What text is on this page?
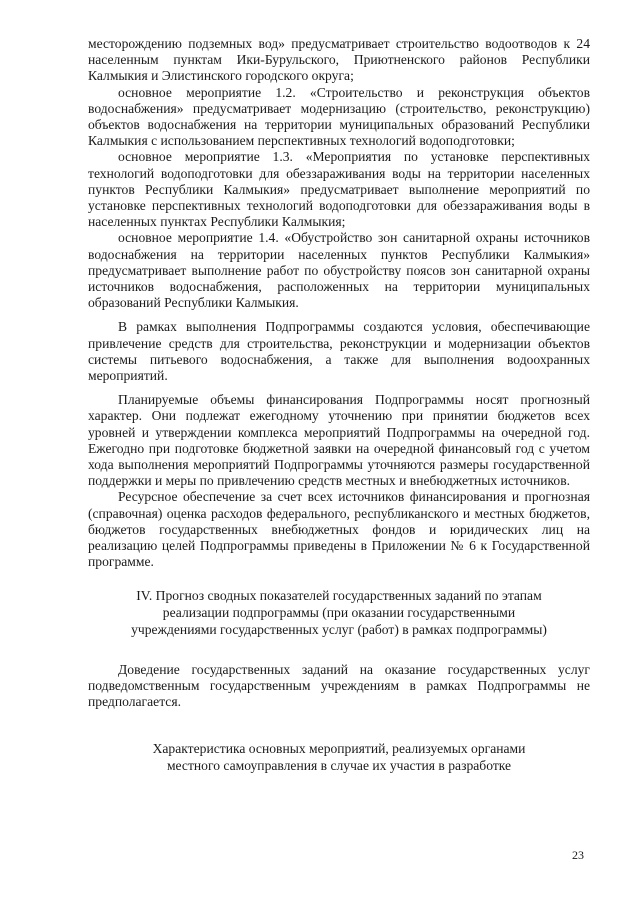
месторождению подземных вод» предусматривает строительство водоотводов к 24 населенным пунктам Ики-Бурульского, Приютненского районов Республики Калмыкия и Элистинского городского округа;

основное мероприятие 1.2. «Строительство и реконструкция объектов водоснабжения» предусматривает модернизацию (строительство, реконструкцию) объектов водоснабжения на территории муниципальных образований Республики Калмыкия с использованием перспективных технологий водоподготовки;

основное мероприятие 1.3. «Мероприятия по установке перспективных технологий водоподготовки для обеззараживания воды на территории населенных пунктов Республики Калмыкия» предусматривает выполнение мероприятий по установке перспективных технологий водоподготовки для обеззараживания воды в населенных пунктах Республики Калмыкия;

основное мероприятие 1.4. «Обустройство зон санитарной охраны источников водоснабжения на территории населенных пунктов Республики Калмыкия» предусматривает выполнение работ по обустройству поясов зон санитарной охраны источников водоснабжения, расположенных на территории муниципальных образований Республики Калмыкия.

В рамках выполнения Подпрограммы создаются условия, обеспечивающие привлечение средств для строительства, реконструкции и модернизации объектов системы питьевого водоснабжения, а также для выполнения водоохранных мероприятий.

Планируемые объемы финансирования Подпрограммы носят прогнозный характер. Они подлежат ежегодному уточнению при принятии бюджетов всех уровней и утверждении комплекса мероприятий Подпрограммы на очередной год. Ежегодно при подготовке бюджетной заявки на очередной финансовый год с учетом хода выполнения мероприятий Подпрограммы уточняются размеры государственной поддержки и меры по привлечению средств местных и внебюджетных источников.

Ресурсное обеспечение за счет всех источников финансирования и прогнозная (справочная) оценка расходов федерального, республиканского и местных бюджетов, бюджетов государственных внебюджетных фондов и юридических лиц на реализацию целей Подпрограммы приведены в Приложении № 6 к Государственной программе.

IV. Прогноз сводных показателей государственных заданий по этапам реализации подпрограммы (при оказании государственными учреждениями государственных услуг (работ) в рамках подпрограммы)

Доведение государственных заданий на оказание государственных услуг подведомственным государственным учреждениям в рамках Подпрограммы не предполагается.

Характеристика основных мероприятий, реализуемых органами местного самоуправления в случае их участия в разработке

23
